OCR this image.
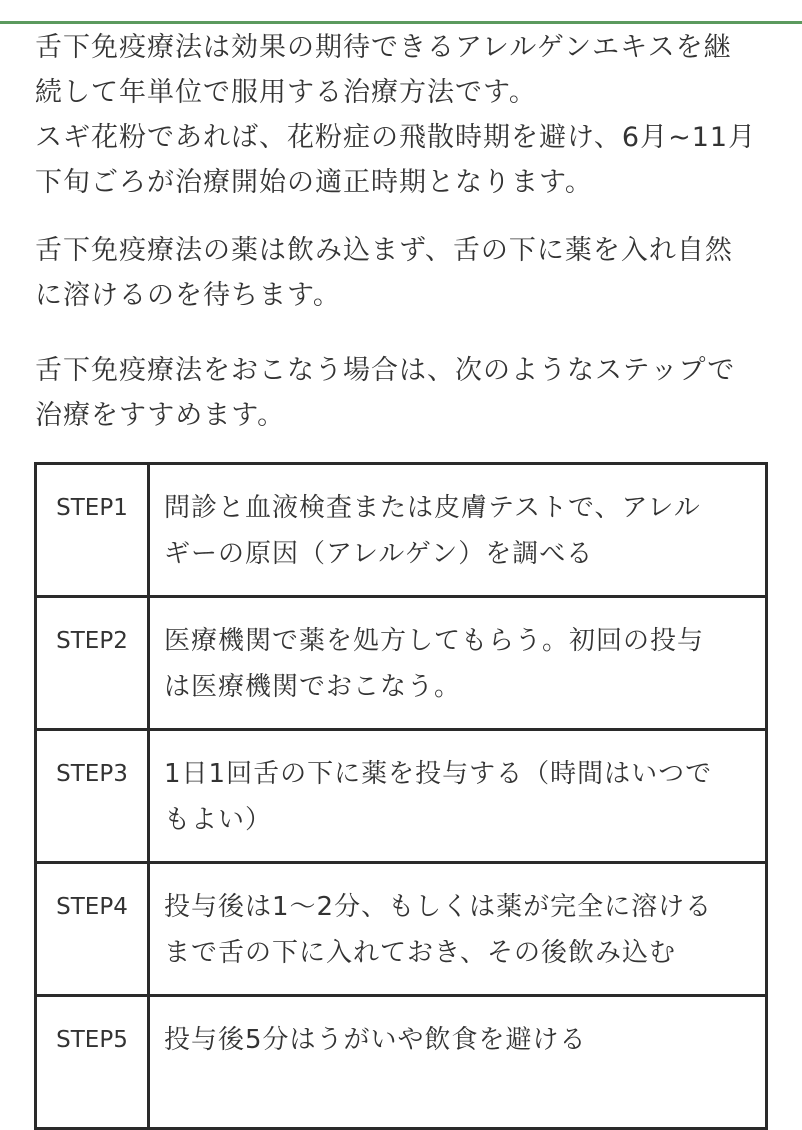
舌下免疫療法は効果の期待できるアレルゲンエキスを継
続して年単位で服用する治療方法です。
スギ花粉であれば、花粉症の飛散時期を避け、6月~11月
下旬ごろが治療開始の適正時期となります。
舌下免疫療法の薬は飲み込まず、舌の下に薬を入れ自然
に溶けるのを待ちます。
舌下免疫療法をおこなう場合は、次のようなステップで
治療をすすめます。
STEP1	問診と血液検査または皮膚テストで、アレル
ギーの原因（アレルゲン）を調べる

STEP2	医療機関で薬を処方してもらう。初回の投与
は医療機関でおこなう。

STEP3	1日1回舌の下に薬を投与する（時間はいつで
もよい）

STEP4	投与後は1〜2分、もしくは薬が完全に溶ける
まで舌の下に入れておき、その後飲み込む

STEP5	投与後5分はうがいや飲食を避ける
